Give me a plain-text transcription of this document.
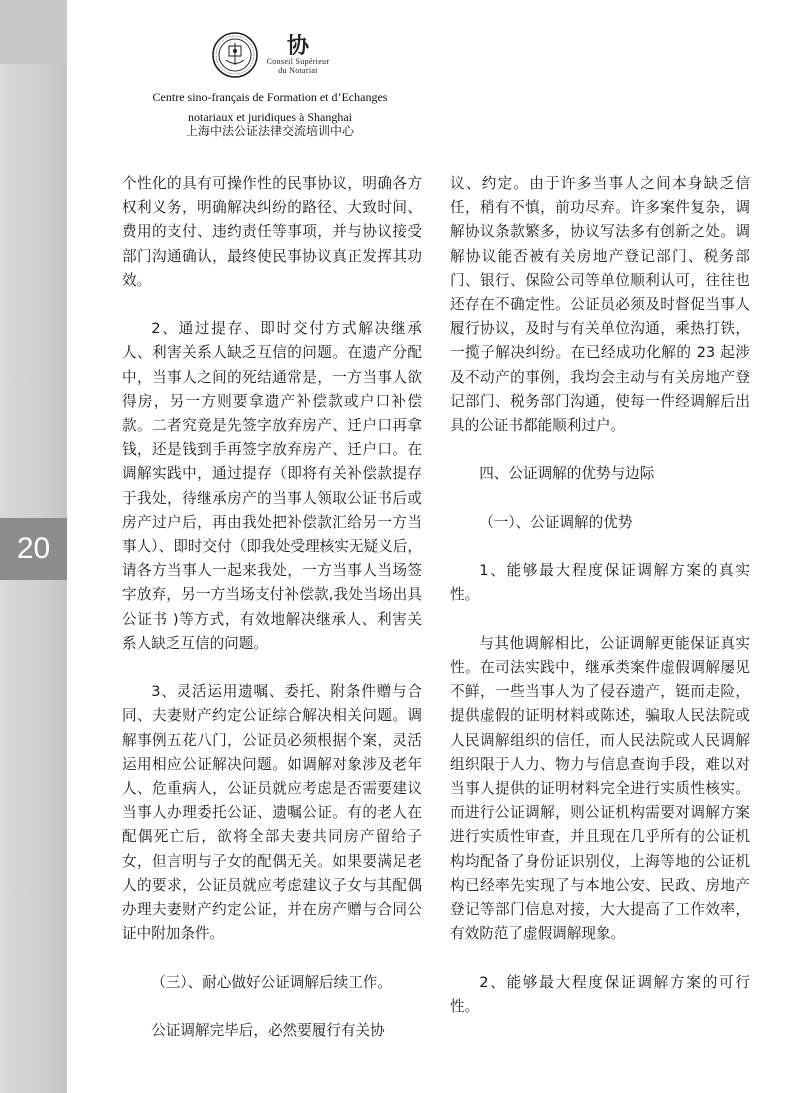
20
协
Conseil Supérieur
du Notariat
Centre sino-français de Formation et d’Echanges
notariaux et juridiques à Shanghai
上海中法公证法律交流培训中心

个性化的具有可操作性的民事协议，明确各方权利义务，明确解决纠纷的路径、大致时间、费用的支付、违约责任等事项，并与协议接受部门沟通确认，最终使民事协议真正发挥其功效。

2、通过提存、即时交付方式解决继承人、利害关系人缺乏互信的问题。在遗产分配中，当事人之间的死结通常是，一方当事人欲得房，另一方则要拿遗产补偿款或户口补偿款。二者究竟是先签字放弃房产、迁户口再拿钱，还是钱到手再签字放弃房产、迁户口。在调解实践中，通过提存（即将有关补偿款提存于我处，待继承房产的当事人领取公证书后或房产过户后，再由我处把补偿款汇给另一方当事人）、即时交付（即我处受理核实无疑义后，请各方当事人一起来我处，一方当事人当场签字放弃，另一方当场支付补偿款,我处当场出具公证书 )等方式，有效地解决继承人、利害关系人缺乏互信的问题。

3、灵活运用遗嘱、委托、附条件赠与合同、夫妻财产约定公证综合解决相关问题。调解事例五花八门，公证员必须根据个案，灵活运用相应公证解决问题。如调解对象涉及老年人、危重病人，公证员就应考虑是否需要建议当事人办理委托公证、遗嘱公证。有的老人在配偶死亡后，欲将全部夫妻共同房产留给子女，但言明与子女的配偶无关。如果要满足老人的要求，公证员就应考虑建议子女与其配偶办理夫妻财产约定公证，并在房产赠与合同公证中附加条件。

（三）、耐心做好公证调解后续工作。

公证调解完毕后，必然要履行有关协

议、约定。由于许多当事人之间本身缺乏信任，稍有不慎，前功尽弃。许多案件复杂，调解协议条款繁多，协议写法多有创新之处。调解协议能否被有关房地产登记部门、税务部门、银行、保险公司等单位顺利认可，往往也还存在不确定性。公证员必须及时督促当事人履行协议，及时与有关单位沟通，乘热打铁，一揽子解决纠纷。在已经成功化解的 23 起涉及不动产的事例，我均会主动与有关房地产登记部门、税务部门沟通，使每一件经调解后出具的公证书都能顺利过户。

四、公证调解的优势与边际

（一）、公证调解的优势

1、能够最大程度保证调解方案的真实性。

与其他调解相比，公证调解更能保证真实性。在司法实践中，继承类案件虚假调解屡见不鲜，一些当事人为了侵吞遗产，铤而走险，提供虚假的证明材料或陈述，骗取人民法院或人民调解组织的信任，而人民法院或人民调解组织限于人力、物力与信息查询手段，难以对当事人提供的证明材料完全进行实质性核实。而进行公证调解，则公证机构需要对调解方案进行实质性审查，并且现在几乎所有的公证机构均配备了身份证识别仪，上海等地的公证机构已经率先实现了与本地公安、民政、房地产登记等部门信息对接，大大提高了工作效率，有效防范了虚假调解现象。

2、能够最大程度保证调解方案的可行性。
